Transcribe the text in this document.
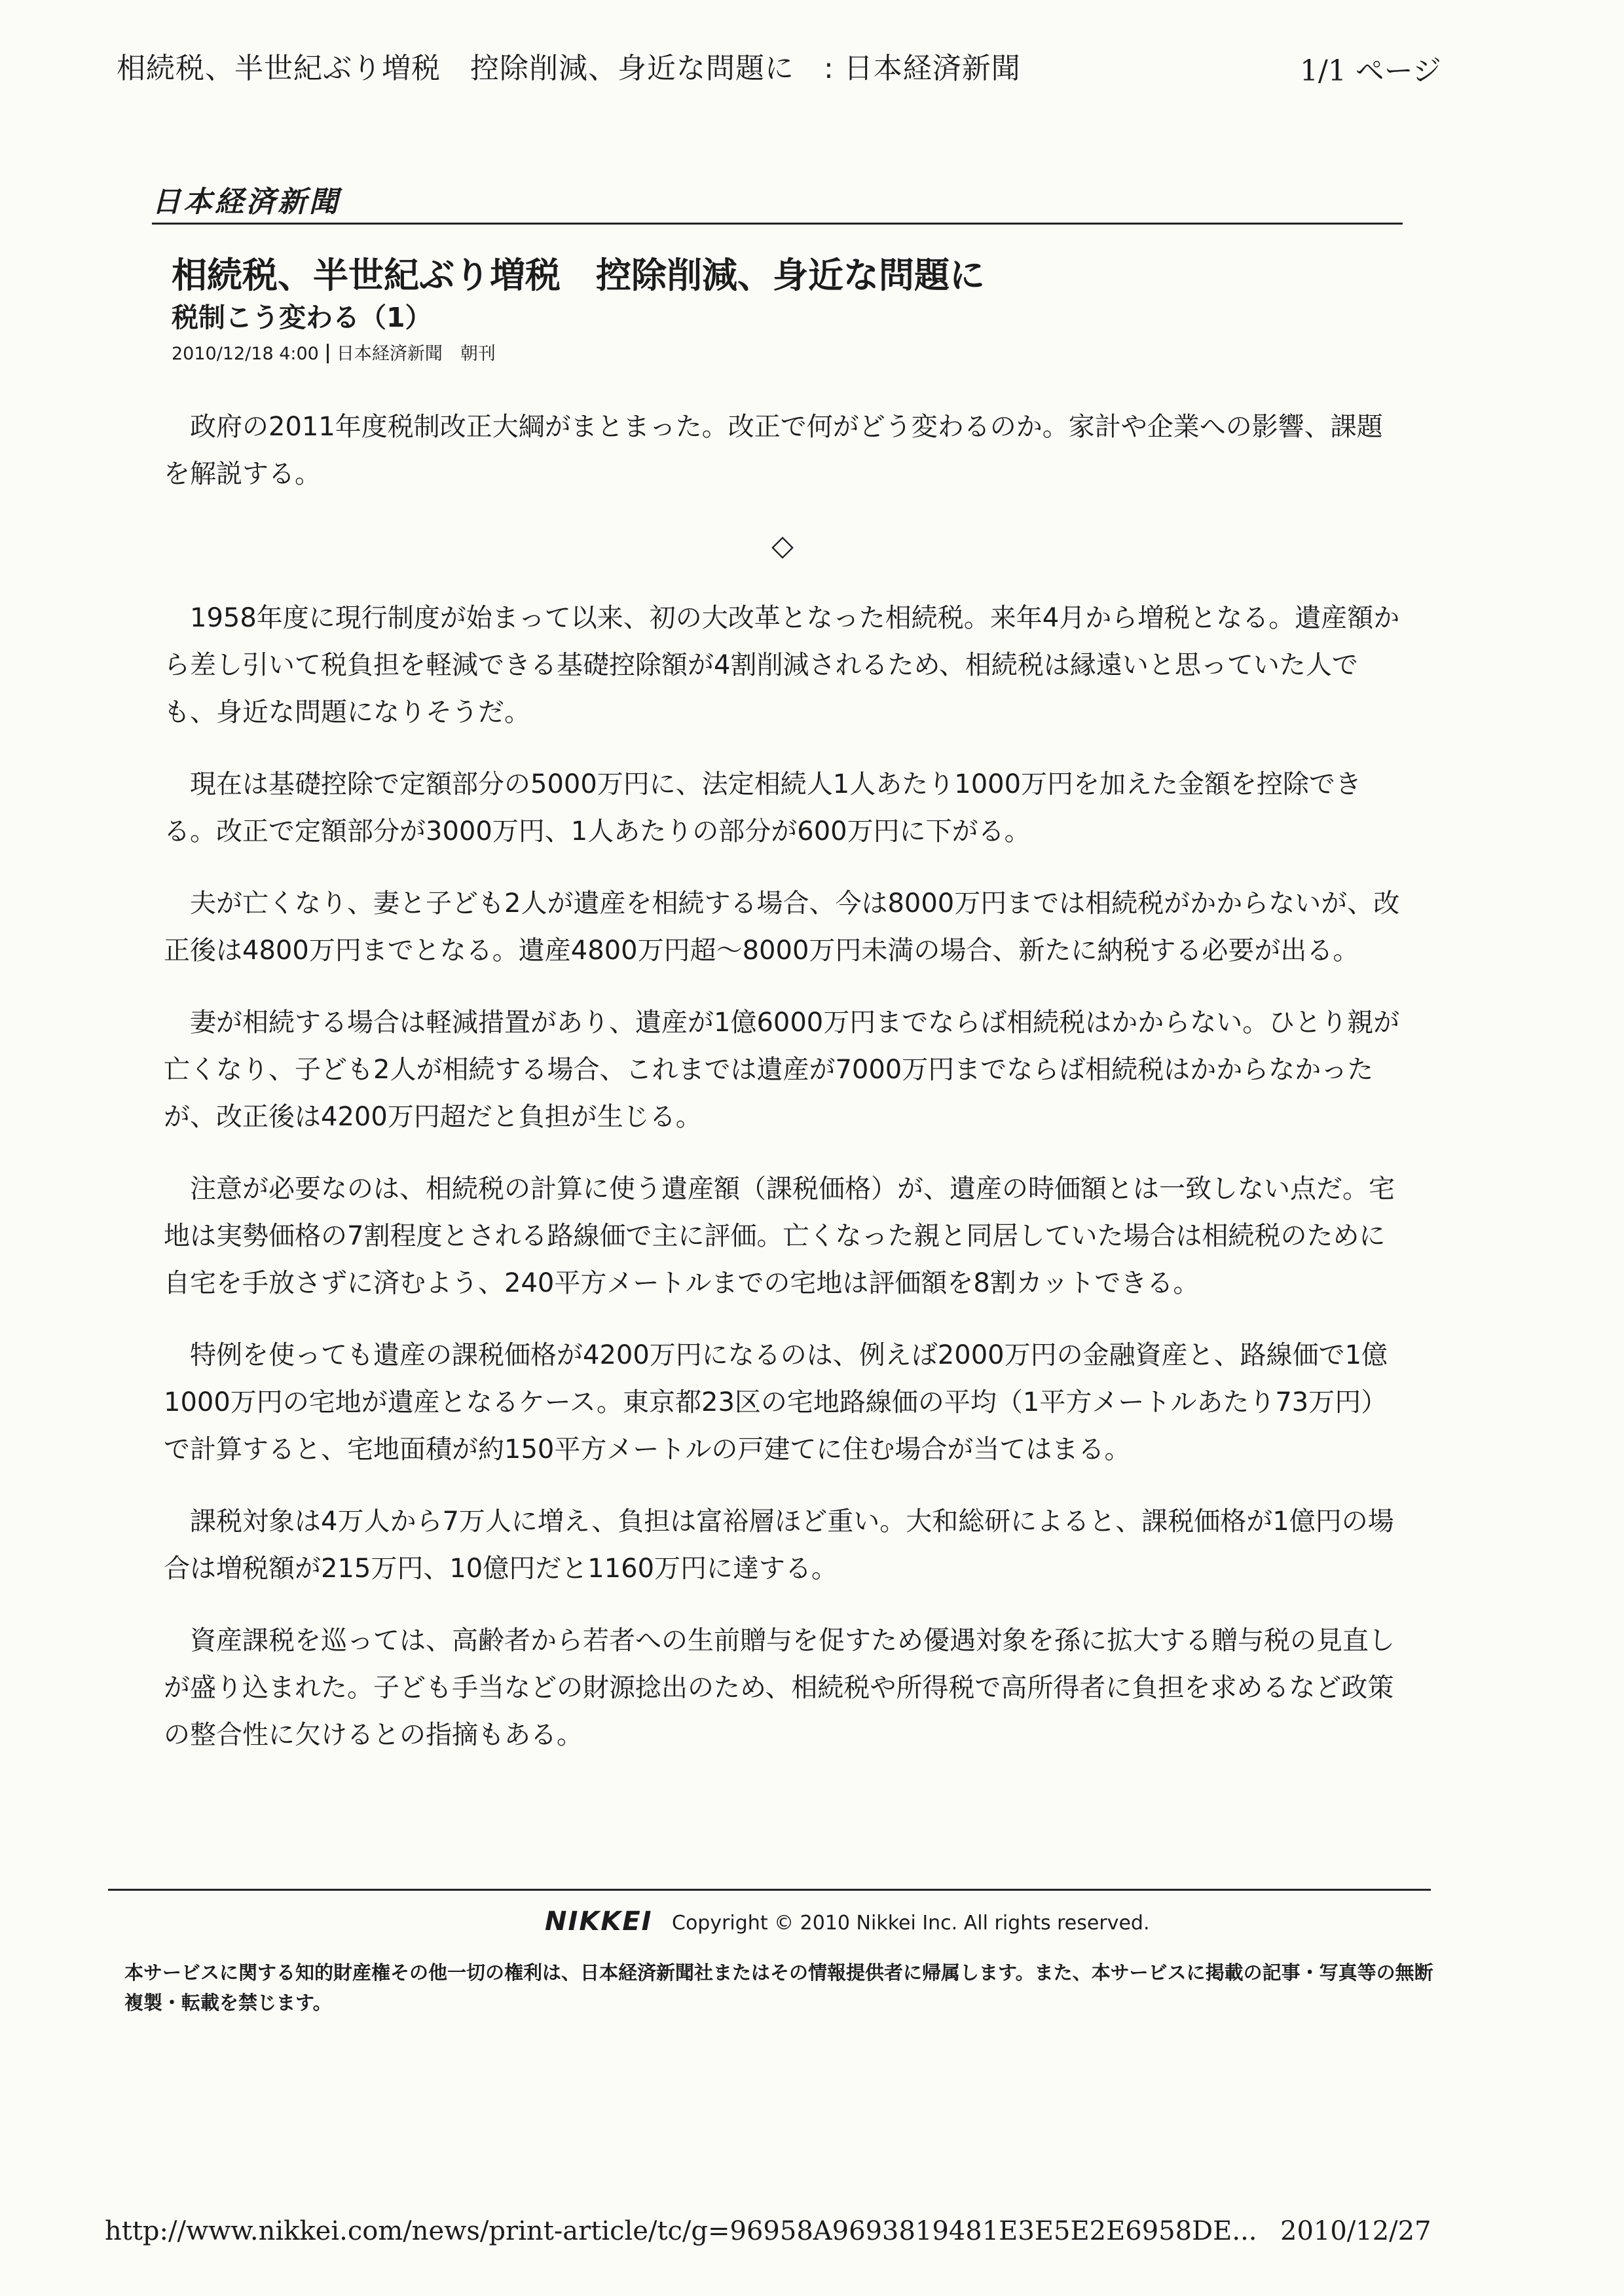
相続税、半世紀ぶり増税　控除削減、身近な問題に　: 日本経済新聞	1/1 ページ
日本経済新聞
相続税、半世紀ぶり増税　控除削減、身近な問題に
税制こう変わる（1）
2010/12/18 4:00 日本経済新聞　朝刊

政府の2011年度税制改正大綱がまとまった。改正で何がどう変わるのか。家計や企業への影響、課題を解説する。

◇

1958年度に現行制度が始まって以来、初の大改革となった相続税。来年4月から増税となる。遺産額から差し引いて税負担を軽減できる基礎控除額が4割削減されるため、相続税は縁遠いと思っていた人でも、身近な問題になりそうだ。

現在は基礎控除で定額部分の5000万円に、法定相続人1人あたり1000万円を加えた金額を控除できる。改正で定額部分が3000万円、1人あたりの部分が600万円に下がる。

夫が亡くなり、妻と子ども2人が遺産を相続する場合、今は8000万円までは相続税がかからないが、改正後は4800万円までとなる。遺産4800万円超～8000万円未満の場合、新たに納税する必要が出る。

妻が相続する場合は軽減措置があり、遺産が1億6000万円までならば相続税はかからない。ひとり親が亡くなり、子ども2人が相続する場合、これまでは遺産が7000万円までならば相続税はかからなかったが、改正後は4200万円超だと負担が生じる。

注意が必要なのは、相続税の計算に使う遺産額（課税価格）が、遺産の時価額とは一致しない点だ。宅地は実勢価格の7割程度とされる路線価で主に評価。亡くなった親と同居していた場合は相続税のために自宅を手放さずに済むよう、240平方メートルまでの宅地は評価額を8割カットできる。

特例を使っても遺産の課税価格が4200万円になるのは、例えば2000万円の金融資産と、路線価で1億1000万円の宅地が遺産となるケース。東京都23区の宅地路線価の平均（1平方メートルあたり73万円）で計算すると、宅地面積が約150平方メートルの戸建てに住む場合が当てはまる。

課税対象は4万人から7万人に増え、負担は富裕層ほど重い。大和総研によると、課税価格が1億円の場合は増税額が215万円、10億円だと1160万円に達する。

資産課税を巡っては、高齢者から若者への生前贈与を促すため優遇対象を孫に拡大する贈与税の見直しが盛り込まれた。子ども手当などの財源捻出のため、相続税や所得税で高所得者に負担を求めるなど政策の整合性に欠けるとの指摘もある。

NIKKEI Copyright © 2010 Nikkei Inc. All rights reserved.
本サービスに関する知的財産権その他一切の権利は、日本経済新聞社またはその情報提供者に帰属します。また、本サービスに掲載の記事・写真等の無断複製・転載を禁じます。
http://www.nikkei.com/news/print-article/tc/g=96958A9693819481E3E5E2E6958DE... 2010/12/27
